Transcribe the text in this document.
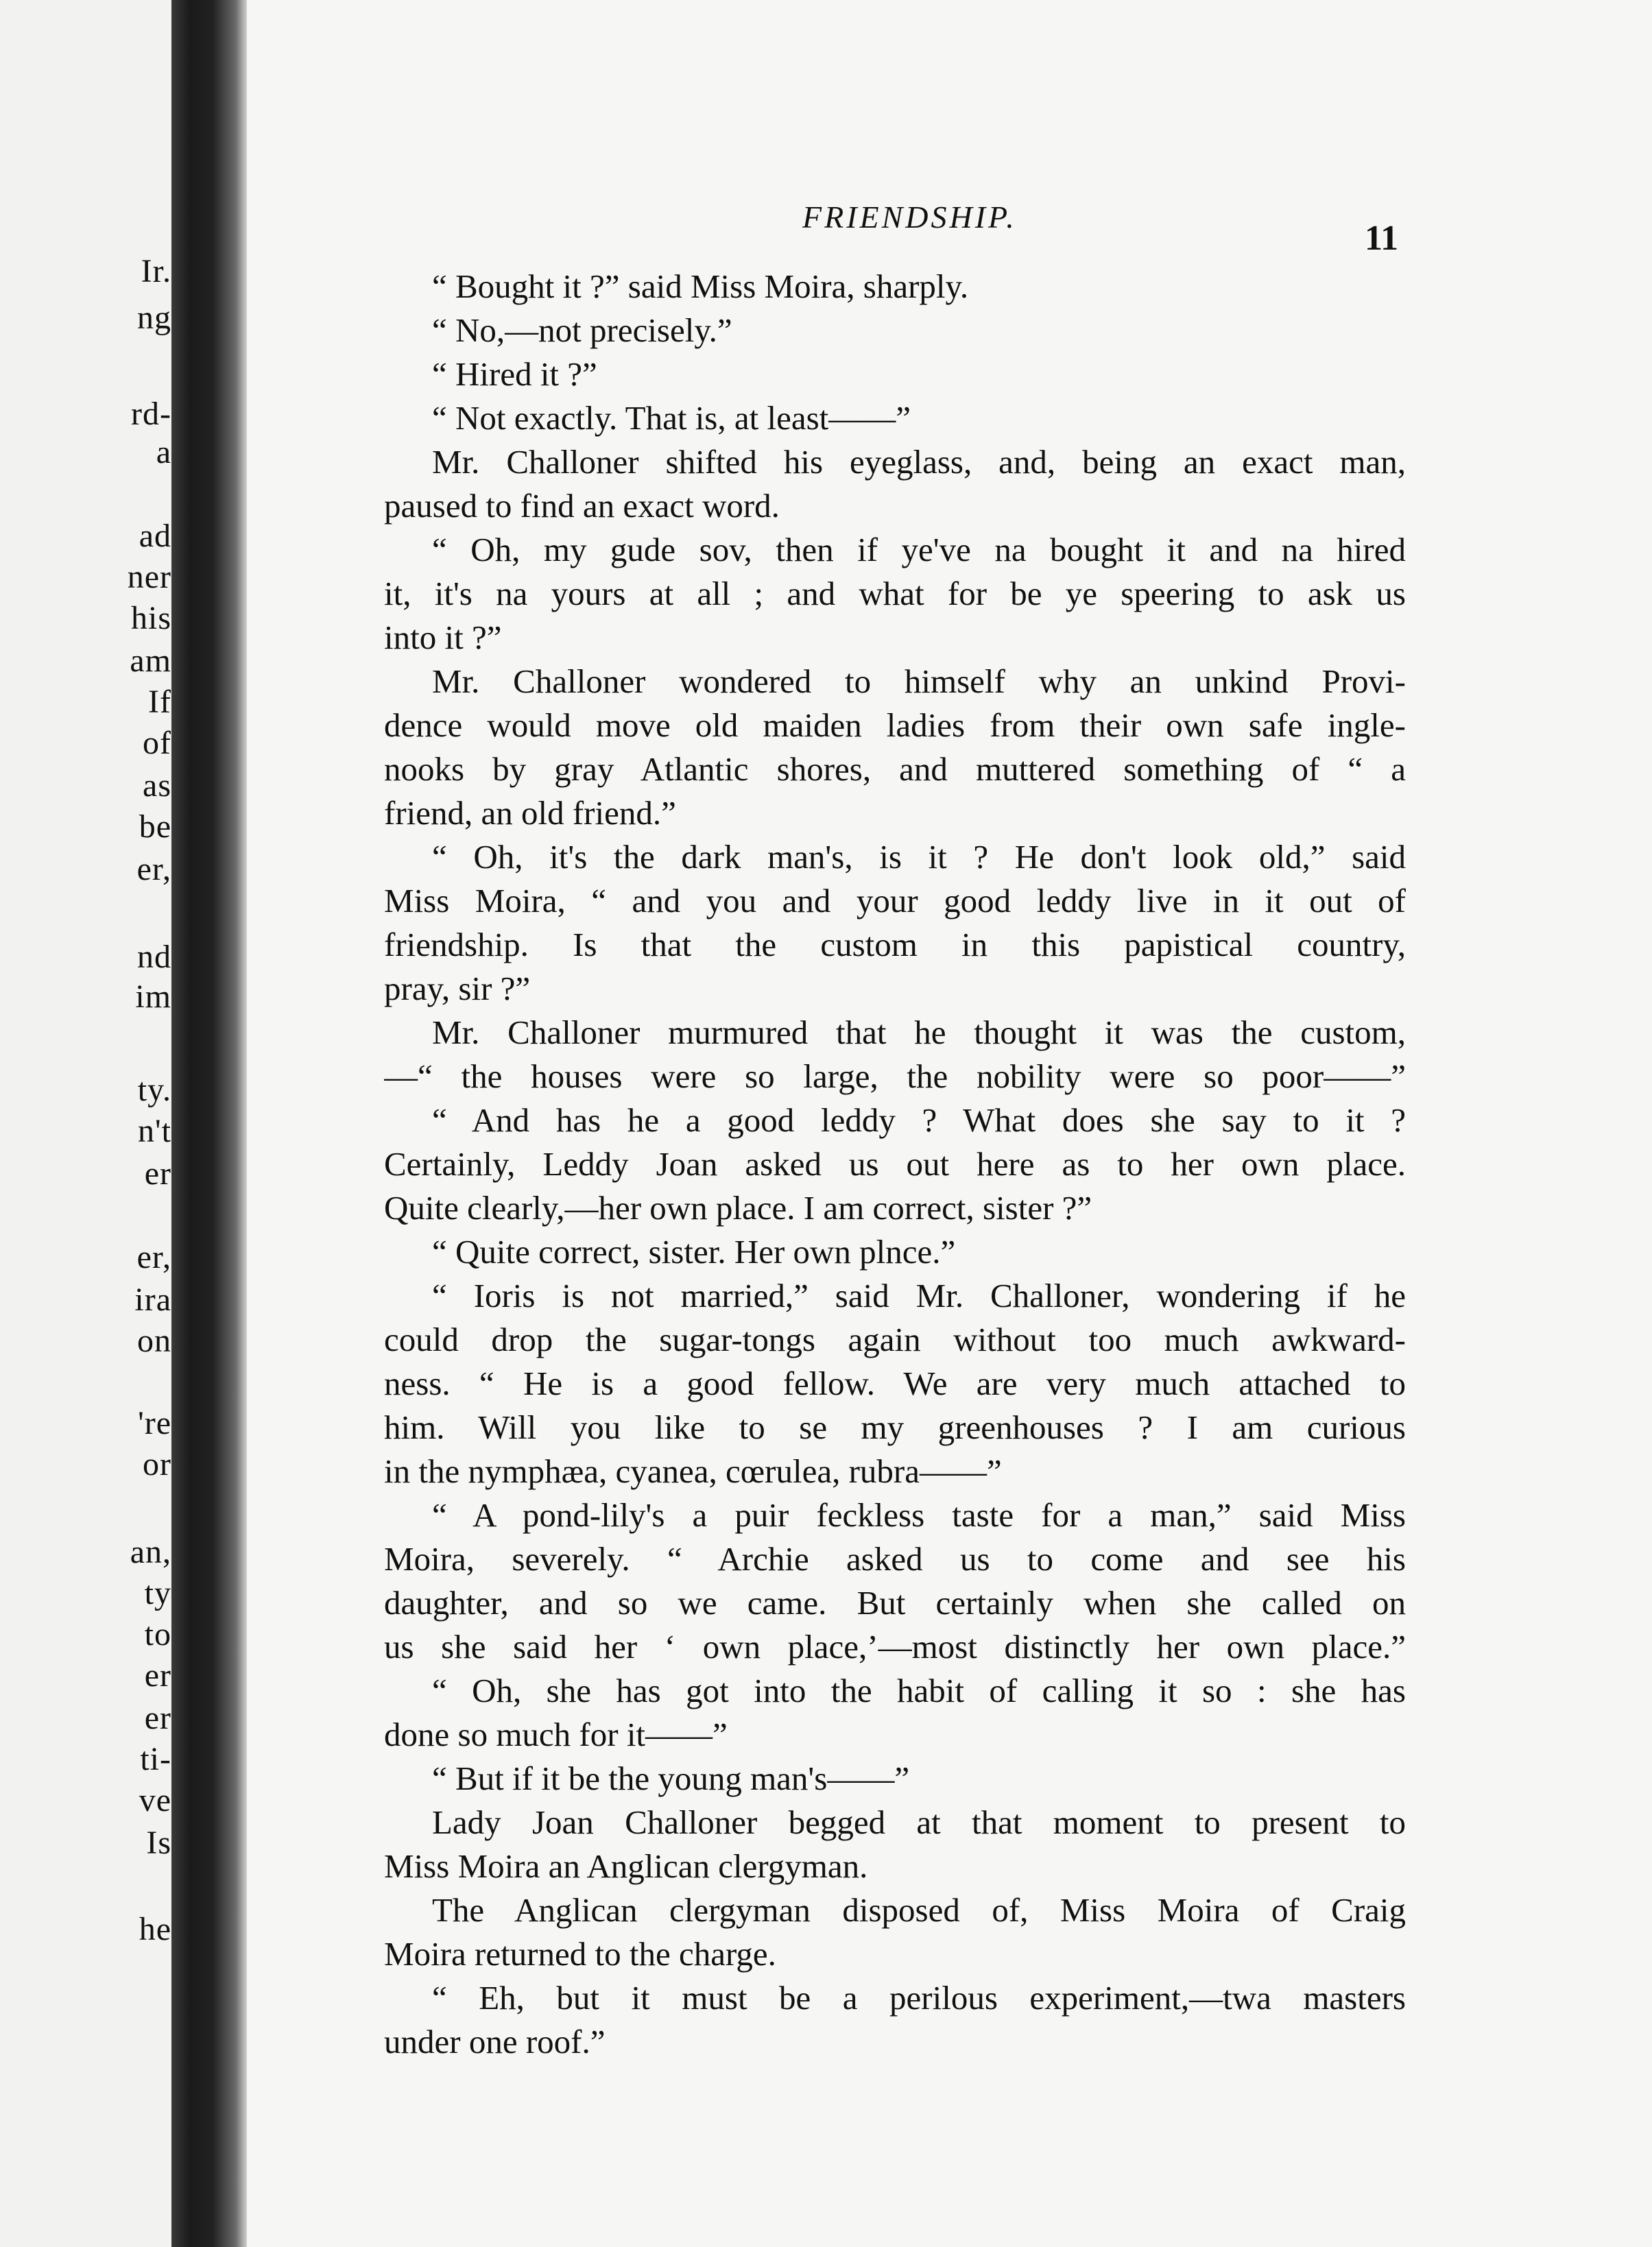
Ir.
ng
rd-
a
ad
ner
his
am
If
of
as
be
er,
nd
im
ty.
n't
er
er,
ira
on
're
or
an,
ty
to
er
er
ti-
ve
Is
he
FRIENDSHIP.
11
“ Bought it ?” said Miss Moira, sharply.
“ No,—not precisely.”
“ Hired it ?”
“ Not exactly. That is, at least——”
Mr. Challoner shifted his eyeglass, and, being an exact man,
paused to find an exact word.
“ Oh, my gude sov, then if ye've na bought it and na hired
it, it's na yours at all ; and what for be ye speering to ask us
into it ?”
Mr. Challoner wondered to himself why an unkind Provi-
dence would move old maiden ladies from their own safe ingle-
nooks by gray Atlantic shores, and muttered something of “ a
friend, an old friend.”
“ Oh, it's the dark man's, is it ? He don't look old,” said
Miss Moira, “ and you and your good leddy live in it out of
friendship. Is that the custom in this papistical country,
pray, sir ?”
Mr. Challoner murmured that he thought it was the custom,
—“ the houses were so large, the nobility were so poor——”
“ And has he a good leddy ? What does she say to it ?
Certainly, Leddy Joan asked us out here as to her own place.
Quite clearly,—her own place. I am correct, sister ?”
“ Quite correct, sister. Her own plnce.”
“ Ioris is not married,” said Mr. Challoner, wondering if he
could drop the sugar-tongs again without too much awkward-
ness. “ He is a good fellow. We are very much attached to
him. Will you like to se my greenhouses ? I am curious
in the nymphæa, cyanea, cœrulea, rubra——”
“ A pond-lily's a puir feckless taste for a man,” said Miss
Moira, severely. “ Archie asked us to come and see his
daughter, and so we came. But certainly when she called on
us she said her ‘ own place,’—most distinctly her own place.”
“ Oh, she has got into the habit of calling it so : she has
done so much for it——”
“ But if it be the young man's——”
Lady Joan Challoner begged at that moment to present to
Miss Moira an Anglican clergyman.
The Anglican clergyman disposed of, Miss Moira of Craig
Moira returned to the charge.
“ Eh, but it must be a perilous experiment,—twa masters
under one roof.”
